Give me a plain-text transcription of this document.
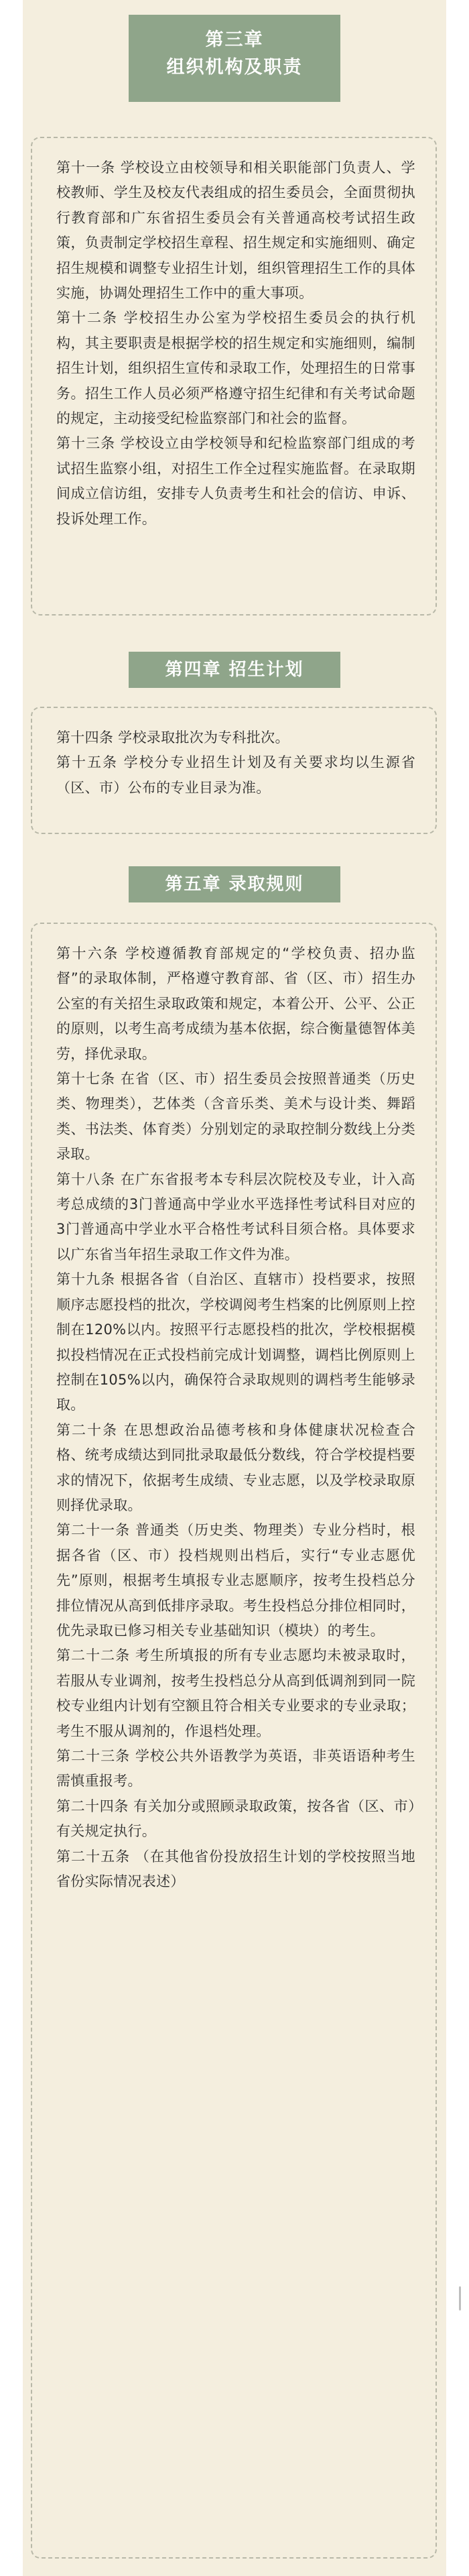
第三章
组织机构及职责

第十一条 学校设立由校领导和相关职能部门负责人、学校教师、学生及校友代表组成的招生委员会，全面贯彻执行教育部和广东省招生委员会有关普通高校考试招生政策，负责制定学校招生章程、招生规定和实施细则、确定招生规模和调整专业招生计划，组织管理招生工作的具体实施，协调处理招生工作中的重大事项。

第十二条 学校招生办公室为学校招生委员会的执行机构，其主要职责是根据学校的招生规定和实施细则，编制招生计划，组织招生宣传和录取工作，处理招生的日常事务。招生工作人员必须严格遵守招生纪律和有关考试命题的规定，主动接受纪检监察部门和社会的监督。

第十三条 学校设立由学校领导和纪检监察部门组成的考试招生监察小组，对招生工作全过程实施监督。在录取期间成立信访组，安排专人负责考生和社会的信访、申诉、投诉处理工作。

第四章 招生计划

第十四条 学校录取批次为专科批次。

第十五条 学校分专业招生计划及有关要求均以生源省（区、市）公布的专业目录为准。

第五章 录取规则

第十六条 学校遵循教育部规定的“学校负责、招办监督”的录取体制，严格遵守教育部、省（区、市）招生办公室的有关招生录取政策和规定，本着公开、公平、公正的原则，以考生高考成绩为基本依据，综合衡量德智体美劳，择优录取。

第十七条 在省（区、市）招生委员会按照普通类（历史类、物理类），艺体类（含音乐类、美术与设计类、舞蹈类、书法类、体育类）分别划定的录取控制分数线上分类录取。

第十八条 在广东省报考本专科层次院校及专业，计入高考总成绩的3门普通高中学业水平选择性考试科目对应的3门普通高中学业水平合格性考试科目须合格。具体要求以广东省当年招生录取工作文件为准。

第十九条 根据各省（自治区、直辖市）投档要求，按照顺序志愿投档的批次，学校调阅考生档案的比例原则上控制在120%以内。按照平行志愿投档的批次，学校根据模拟投档情况在正式投档前完成计划调整，调档比例原则上控制在105%以内，确保符合录取规则的调档考生能够录取。

第二十条 在思想政治品德考核和身体健康状况检查合格、统考成绩达到同批录取最低分数线，符合学校提档要求的情况下，依据考生成绩、专业志愿，以及学校录取原则择优录取。

第二十一条 普通类（历史类、物理类）专业分档时，根据各省（区、市）投档规则出档后，实行“专业志愿优先”原则，根据考生填报专业志愿顺序，按考生投档总分排位情况从高到低排序录取。考生投档总分排位相同时，优先录取已修习相关专业基础知识（模块）的考生。

第二十二条 考生所填报的所有专业志愿均未被录取时，若服从专业调剂，按考生投档总分从高到低调剂到同一院校专业组内计划有空额且符合相关专业要求的专业录取；考生不服从调剂的，作退档处理。

第二十三条 学校公共外语教学为英语，非英语语种考生需慎重报考。

第二十四条 有关加分或照顾录取政策，按各省（区、市）有关规定执行。

第二十五条 （在其他省份投放招生计划的学校按照当地省份实际情况表述）
